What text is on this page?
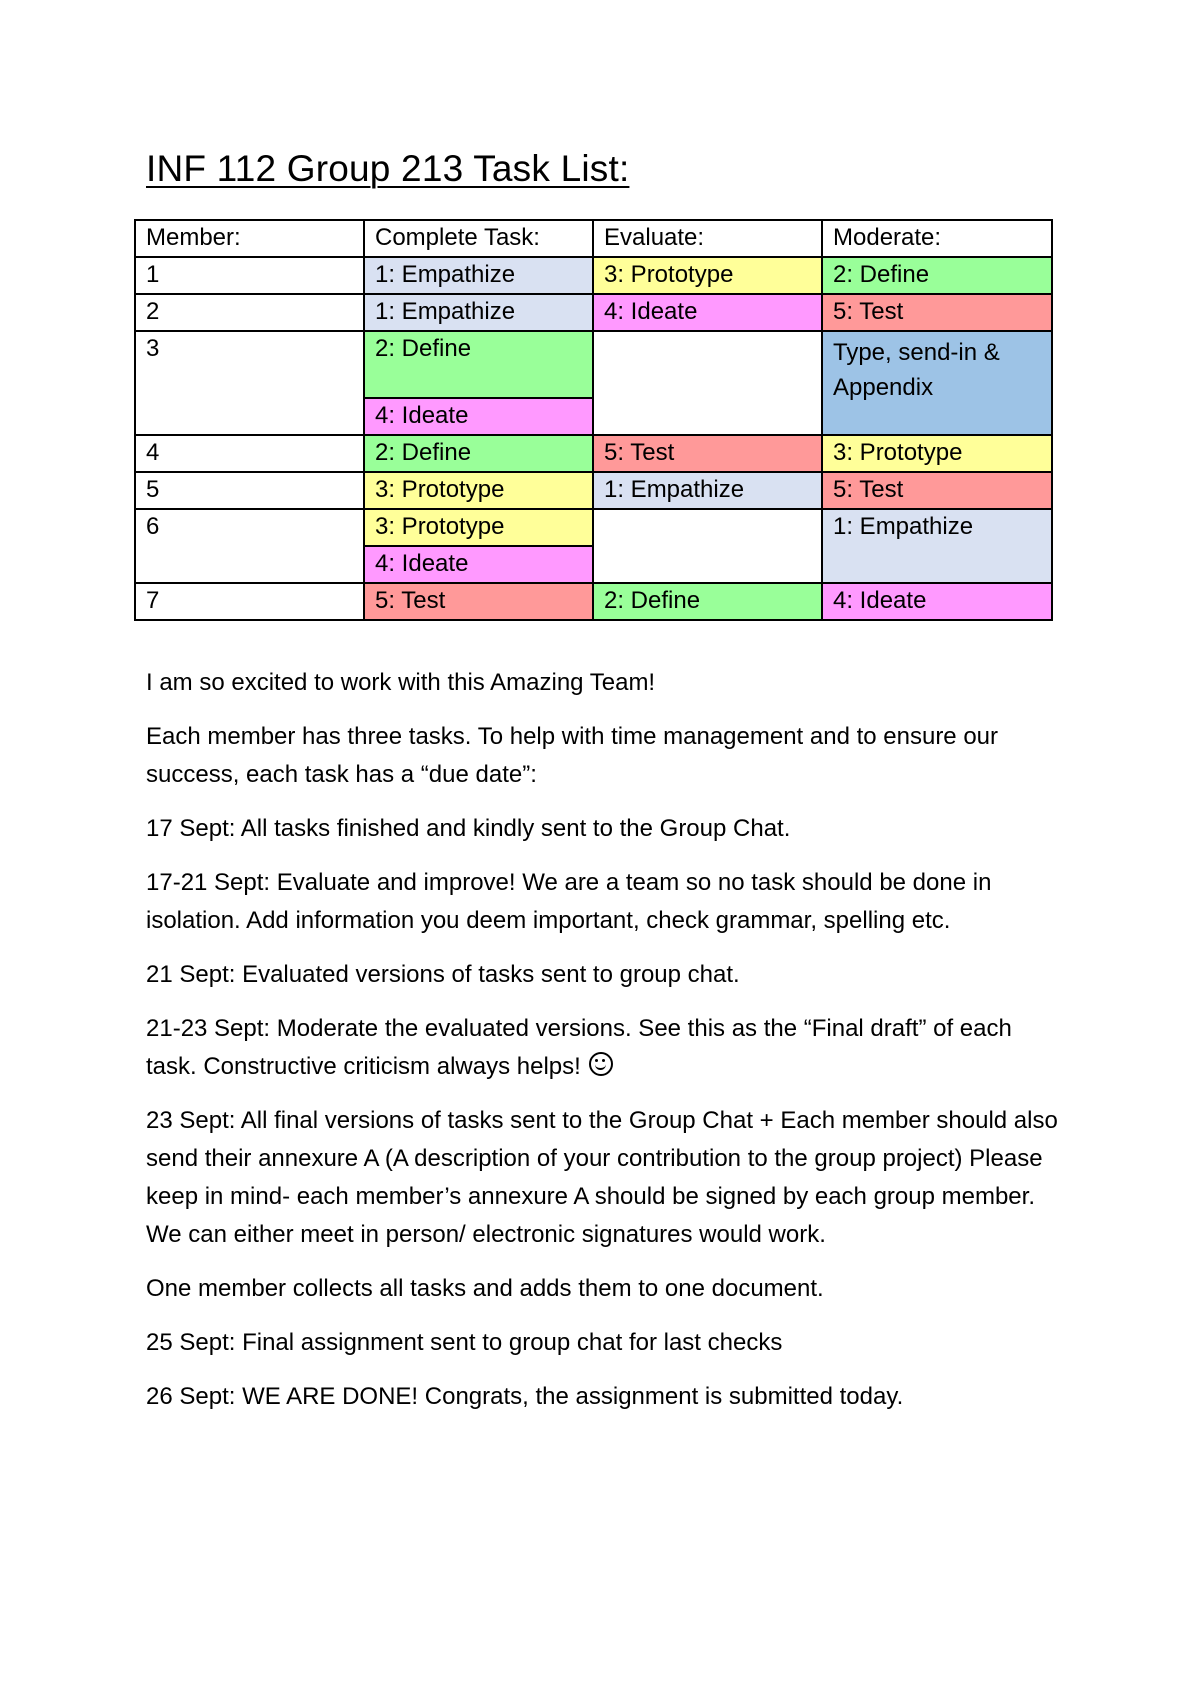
INF 112 Group 213 Task List:
Member:	Complete Task:	Evaluate:	Moderate:
1	1: Empathize	3: Prototype	2: Define
2	1: Empathize	4: Ideate	5: Test
3	2: Define		Type, send-in & Appendix
	4: Ideate		
4	2: Define	5: Test	3: Prototype
5	3: Prototype	1: Empathize	5: Test
6	3: Prototype		1: Empathize
	4: Ideate		
7	5: Test	2: Define	4: Ideate

I am so excited to work with this Amazing Team!

Each member has three tasks. To help with time management and to ensure our success, each task has a “due date”:

17 Sept: All tasks finished and kindly sent to the Group Chat.

17-21 Sept: Evaluate and improve! We are a team so no task should be done in isolation. Add information you deem important, check grammar, spelling etc.

21 Sept: Evaluated versions of tasks sent to group chat.

21-23 Sept: Moderate the evaluated versions. See this as the “Final draft” of each task. Constructive criticism always helps!

23 Sept: All final versions of tasks sent to the Group Chat + Each member should also send their annexure A (A description of your contribution to the group project) Please keep in mind- each member’s annexure A should be signed by each group member. We can either meet in person/ electronic signatures would work.

One member collects all tasks and adds them to one document.

25 Sept: Final assignment sent to group chat for last checks

26 Sept: WE ARE DONE! Congrats, the assignment is submitted today.
